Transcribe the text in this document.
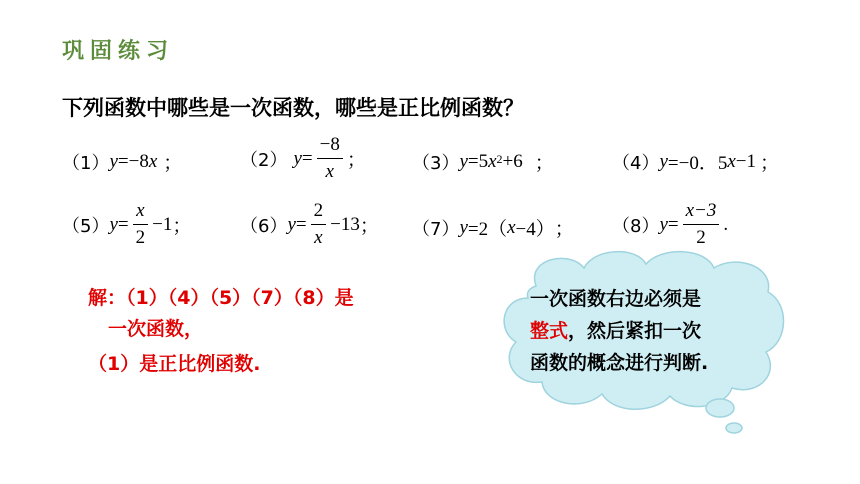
巩固练习
下列函数中哪些是一次函数，哪些是正比例函数？
（1） y =−8 x ；	（2） $y = \frac{-8}{x}$ ；	（3） y =5 $x^2 +6$ ；	（4） y =−0．5 x −1 ；
（5） $y = \frac{x}{2} -1$ ；	（6） $y = \frac{2}{x} -13$ ； （7） y =2（ x −4） ； （8） $y = \frac{x-3}{2}$ .
解：（1）（4）（5）（7）（8）是
一次函数，
（1）是正比例函数.
一次函数右边必须是
整式，然后紧扣一次
函数的概念进行判断.
